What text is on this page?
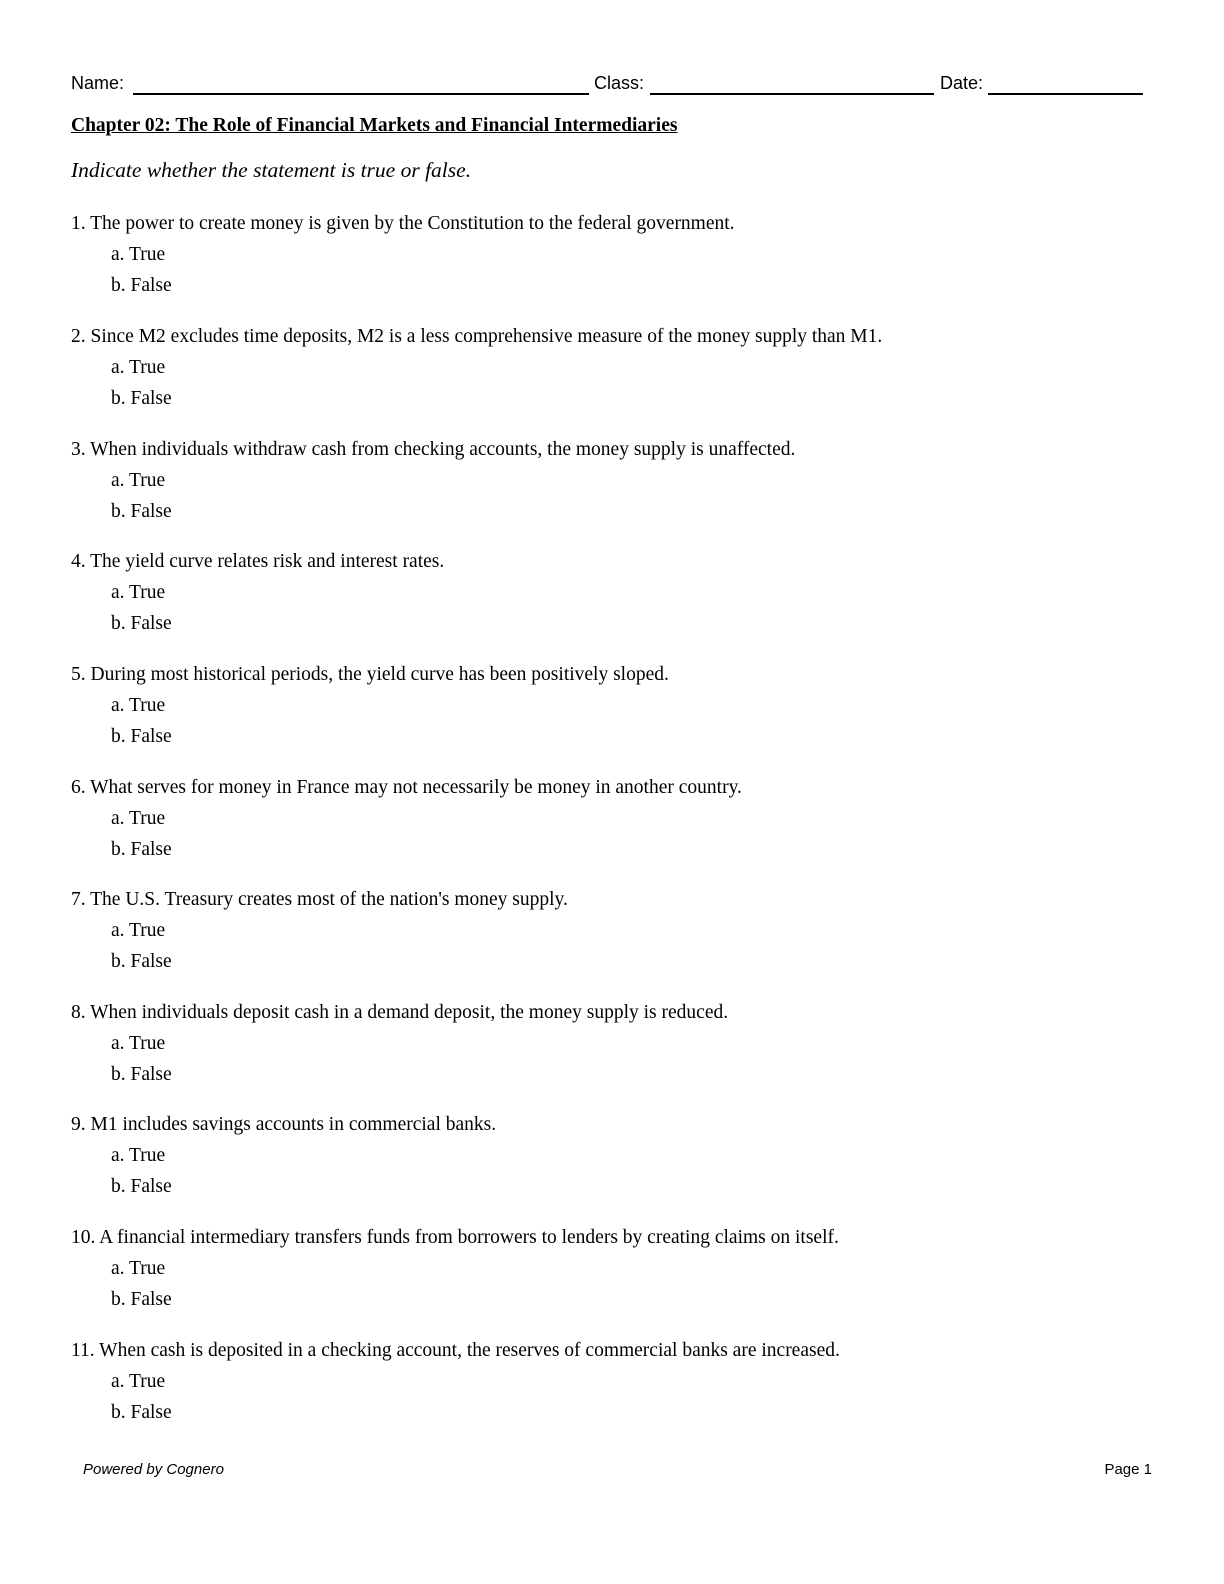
Name:	Class:	Date:
Chapter 02: The Role of Financial Markets and Financial Intermediaries
Indicate whether the statement is true or false.
1. The power to create money is given by the Constitution to the federal government.
a. True
b. False
2. Since M2 excludes time deposits, M2 is a less comprehensive measure of the money supply than M1.
a. True
b. False
3. When individuals withdraw cash from checking accounts, the money supply is unaffected.
a. True
b. False
4. The yield curve relates risk and interest rates.
a. True
b. False
5. During most historical periods, the yield curve has been positively sloped.
a. True
b. False
6. What serves for money in France may not necessarily be money in another country.
a. True
b. False
7. The U.S. Treasury creates most of the nation's money supply.
a. True
b. False
8. When individuals deposit cash in a demand deposit, the money supply is reduced.
a. True
b. False
9. M1 includes savings accounts in commercial banks.
a. True
b. False
10. A financial intermediary transfers funds from borrowers to lenders by creating claims on itself.
a. True
b. False
11. When cash is deposited in a checking account, the reserves of commercial banks are increased.
a. True
b. False
Powered by Cognero	Page 1
